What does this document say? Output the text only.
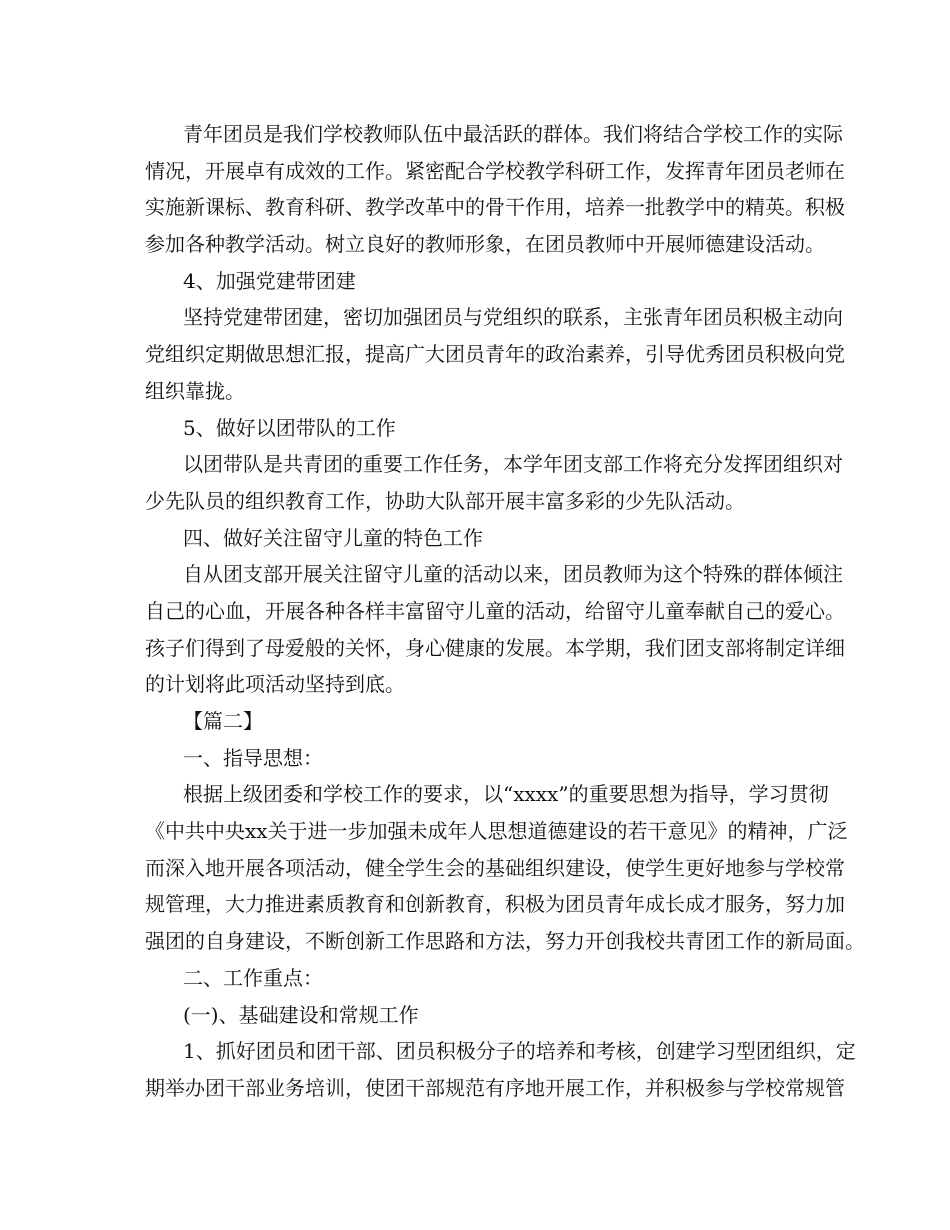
青年团员是我们学校教师队伍中最活跃的群体。我们将结合学校工作的实际
情况，开展卓有成效的工作。紧密配合学校教学科研工作，发挥青年团员老师在
实施新课标、教育科研、教学改革中的骨干作用，培养一批教学中的精英。积极
参加各种教学活动。树立良好的教师形象，在团员教师中开展师德建设活动。
4、加强党建带团建
坚持党建带团建，密切加强团员与党组织的联系，主张青年团员积极主动向
党组织定期做思想汇报，提高广大团员青年的政治素养，引导优秀团员积极向党
组织靠拢。
5、做好以团带队的工作
以团带队是共青团的重要工作任务，本学年团支部工作将充分发挥团组织对
少先队员的组织教育工作，协助大队部开展丰富多彩的少先队活动。
四、做好关注留守儿童的特色工作
自从团支部开展关注留守儿童的活动以来，团员教师为这个特殊的群体倾注
自己的心血，开展各种各样丰富留守儿童的活动，给留守儿童奉献自己的爱心。
孩子们得到了母爱般的关怀，身心健康的发展。本学期，我们团支部将制定详细
的计划将此项活动坚持到底。
【篇二】
一、指导思想：
根据上级团委和学校工作的要求，以“xxxx”的重要思想为指导，学习贯彻
《中共中央xx关于进一步加强未成年人思想道德建设的若干意见》的精神，广泛
而深入地开展各项活动，健全学生会的基础组织建设，使学生更好地参与学校常
规管理，大力推进素质教育和创新教育，积极为团员青年成长成才服务，努力加
强团的自身建设，不断创新工作思路和方法，努力开创我校共青团工作的新局面。
二、工作重点：
(一)、基础建设和常规工作
1、抓好团员和团干部、团员积极分子的培养和考核，创建学习型团组织，定
期举办团干部业务培训，使团干部规范有序地开展工作，并积极参与学校常规管
